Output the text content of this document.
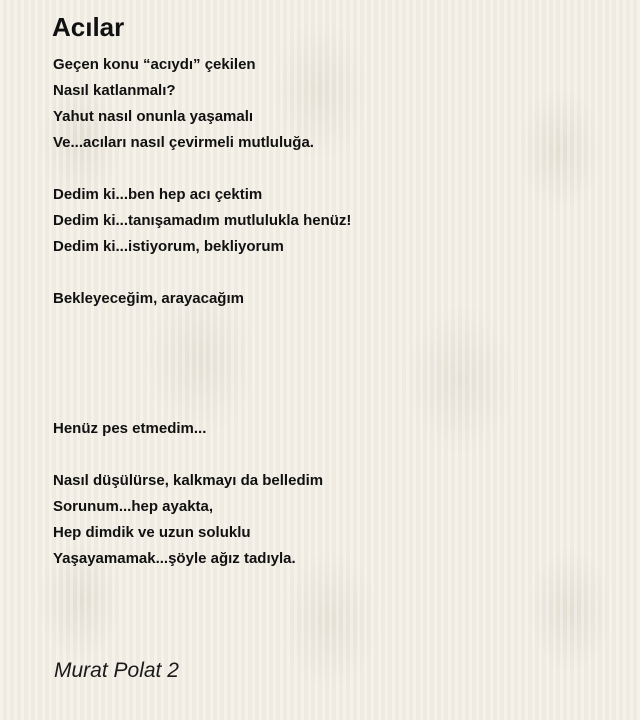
Acılar
Geçen konu “acıydı” çekilen
Nasıl katlanmalı?
Yahut nasıl onunla yaşamalı
Ve...acıları nasıl çevirmeli mutluluğa.
Dedim ki...ben hep acı çektim
Dedim ki...tanışamadım mutlulukla henüz!
Dedim ki...istiyorum, bekliyorum
Bekleyeceğim, arayacağım
Henüz pes etmedim...
Nasıl düşülürse, kalkmayı da belledim
Sorunum...hep ayakta,
Hep dimdik ve uzun soluklu
Yaşayamamak...şöyle ağız tadıyla.
Murat Polat 2
